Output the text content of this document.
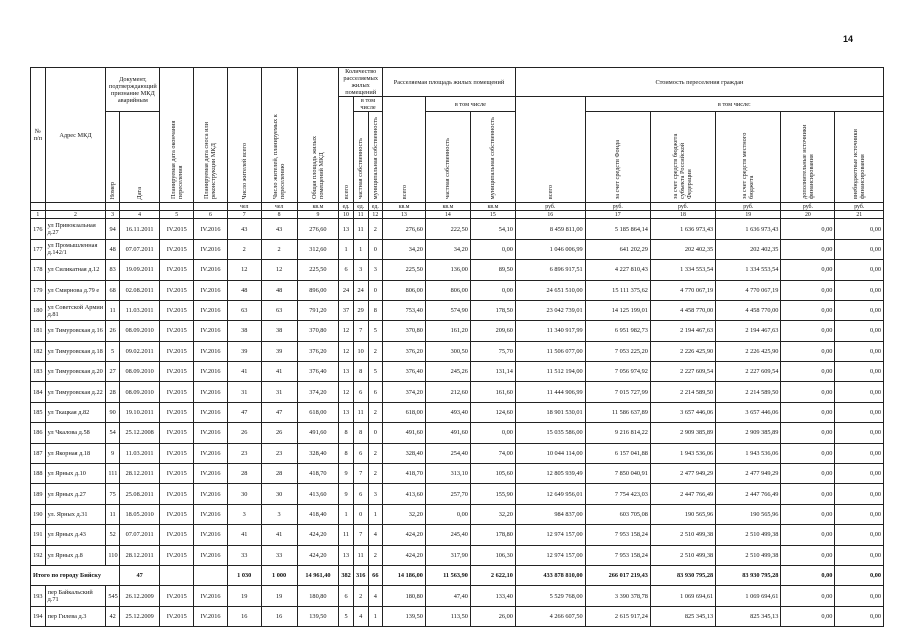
14
№ п/п	Адрес МКД	Документ, подтверждающий признание МКД аварийным		Планируемая дата окончания переселения	Планируемая дата сноса или реконструкции МКД	Число жителей всего	Число жителей, планируемых к переселению	Общая площадь жилых помещений МКД	Количество расселяемых жилых помещений			Расселяемая площадь жилых помещений			Стоимость переселения граждан					
									всего	в том числе		всего	в том числе		всего	в том числе:				
		Номер	Дата							частная собственность	муниципальная собственность		частная собственность	муниципальная собственность		за счет средств Фонда	за счет средств бюджета субъекта Российской Федерации	за счет средств местного бюджета	дополнительные источники финансирования	внебюджетные источники финансирования
						чел	чел	кв.м	ед.	ед.	ед.	кв.м	кв.м	кв.м	руб.	руб.	руб.	руб.	руб.	руб.
1	2	3	4	5	6	7	8	9	10	11	12	13	14	15	16	17	18	19	20	21
176	ул Привокзальная д.27	94	16.11.2011	IV.2015	IV.2016	43	43	276,60	13	11	2	276,60	222,50	54,10	8 459 811,00	5 185 864,14	1 636 973,43	1 636 973,43	0,00	0,00
177	ул Промышленная д.142/1	48	07.07.2011	IV.2015	IV.2016	2	2	312,60	1	1	0	34,20	34,20	0,00	1 046 006,99	641 202,29	202 402,35	202 402,35	0,00	0,00
178	ул Силикатная д.12	83	19.09.2011	IV.2015	IV.2016	12	12	225,50	6	3	3	225,50	136,00	89,50	6 896 917,51	4 227 810,43	1 334 553,54	1 334 553,54	0,00	0,00
179	ул Смирнова д.79 е	68	02.08.2011	IV.2015	IV.2016	48	48	896,00	24	24	0	806,00	806,00	0,00	24 651 510,00	15 111 375,62	4 770 067,19	4 770 067,19	0,00	0,00
180	ул Советской Армии д.81	11	11.03.2011	IV.2015	IV.2016	63	63	791,20	37	29	8	753,40	574,90	178,50	23 042 739,01	14 125 199,01	4 458 770,00	4 458 770,00	0,00	0,00
181	ул Тимуровская д.16	26	08.09.2010	IV.2015	IV.2016	38	38	370,80	12	7	5	370,80	161,20	209,60	11 340 917,99	6 951 982,73	2 194 467,63	2 194 467,63	0,00	0,00
182	ул Тимуровская д.18	5	09.02.2011	IV.2015	IV.2016	39	39	376,20	12	10	2	376,20	300,50	75,70	11 506 077,00	7 053 225,20	2 226 425,90	2 226 425,90	0,00	0,00
183	ул Тимуровская д.20	27	08.09.2010	IV.2015	IV.2016	41	41	376,40	13	8	5	376,40	245,26	131,14	11 512 194,00	7 056 974,92	2 227 609,54	2 227 609,54	0,00	0,00
184	ул Тимуровская д.22	28	08.09.2010	IV.2015	IV.2016	31	31	374,20	12	6	6	374,20	212,60	161,60	11 444 906,99	7 015 727,99	2 214 589,50	2 214 589,50	0,00	0,00
185	ул Ткацкая д.82	90	19.10.2011	IV.2015	IV.2016	47	47	618,00	13	11	2	618,00	493,40	124,60	18 901 530,01	11 586 637,89	3 657 446,06	3 657 446,06	0,00	0,00
186	ул Чкалова д.58	54	25.12.2008	IV.2015	IV.2016	26	26	491,60	8	8	0	491,60	491,60	0,00	15 035 586,00	9 216 814,22	2 909 385,89	2 909 385,89	0,00	0,00
187	ул Якорная д.18	9	11.03.2011	IV.2015	IV.2016	23	23	328,40	8	6	2	328,40	254,40	74,00	10 044 114,00	6 157 041,88	1 943 536,06	1 943 536,06	0,00	0,00
188	ул Ярных д.10	111	28.12.2011	IV.2015	IV.2016	28	28	418,70	9	7	2	418,70	313,10	105,60	12 805 939,49	7 850 040,91	2 477 949,29	2 477 949,29	0,00	0,00
189	ул Ярных д.27	75	25.08.2011	IV.2015	IV.2016	30	30	413,60	9	6	3	413,60	257,70	155,90	12 649 956,01	7 754 423,03	2 447 766,49	2 447 766,49	0,00	0,00
190	ул. Ярных д.31	11	18.05.2010	IV.2015	IV.2016	3	3	418,40	1	0	1	32,20	0,00	32,20	984 837,00	603 705,08	190 565,96	190 565,96	0,00	0,00
191	ул Ярных д.43	52	07.07.2011	IV.2015	IV.2016	41	41	424,20	11	7	4	424,20	245,40	178,80	12 974 157,00	7 953 158,24	2 510 499,38	2 510 499,38	0,00	0,00
192	ул Ярных д.8	110	28.12.2011	IV.2015	IV.2016	33	33	424,20	13	11	2	424,20	317,90	106,30	12 974 157,00	7 953 158,24	2 510 499,38	2 510 499,38	0,00	0,00
Итого по городу Бийску			47			1 030	1 000	14 961,40	382	316	66	14 186,00	11 563,90	2 622,10	433 878 810,00	266 017 219,43	83 930 795,28	83 930 795,28	0,00	0,00
193	пер Байкальский д.71	545	26.12.2009	IV.2015	IV.2016	19	19	180,80	6	2	4	180,80	47,40	133,40	5 529 768,00	3 390 378,78	1 069 694,61	1 069 694,61	0,00	0,00
194	пер Гилева д.3	42	25.12.2009	IV.2015	IV.2016	16	16	139,50	5	4	1	139,50	113,50	26,00	4 266 607,50	2 615 917,24	825 345,13	825 345,13	0,00	0,00
